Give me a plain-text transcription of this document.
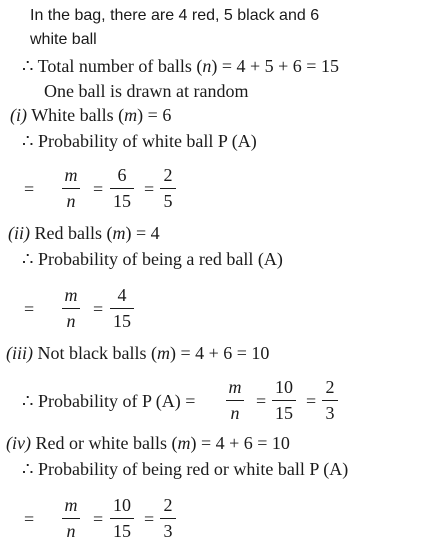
In the bag, there are 4 red, 5 black and 6
white ball
∴ Total number of balls (n) = 4 + 5 + 6 = 15
One ball is drawn at random
(i) White balls (m) = 6
∴ Probability of white ball P (A)
=
m
n
=
6
15
=
2
5
(ii) Red balls (m) = 4
∴ Probability of being a red ball (A)
=
m
n
=
4
15
(iii) Not black balls (m) = 4 + 6 = 10
∴ Probability of P (A) =
m
n
=
10
15
=
2
3
(iv) Red or white balls (m) = 4 + 6 = 10
∴ Probability of being red or white ball P (A)
=
m
n
=
10
15
=
2
3
